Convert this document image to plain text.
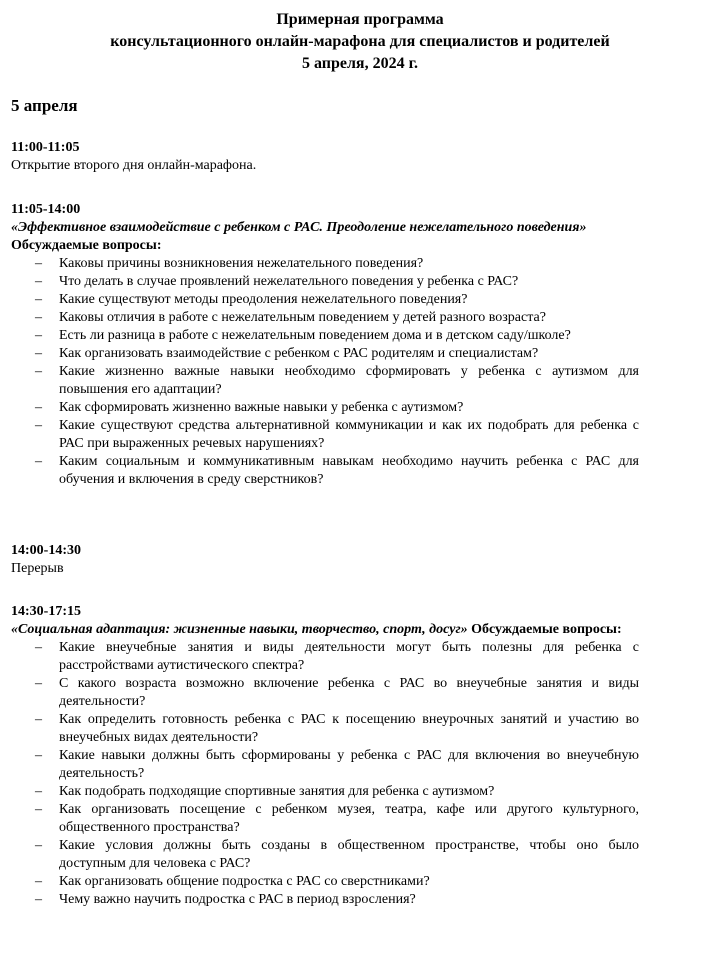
Примерная программа
консультационного онлайн-марафона для специалистов и родителей
5 апреля, 2024 г.
5 апреля
11:00-11:05
Открытие второго дня онлайн-марафона.
11:05-14:00
«Эффективное взаимодействие с ребенком с РАС. Преодоление нежелательного поведения»
Обсуждаемые вопросы:
– Каковы причины возникновения нежелательного поведения?
– Что делать в случае проявлений нежелательного поведения у ребенка с РАС?
– Какие существуют методы преодоления нежелательного поведения?
– Каковы отличия в работе с нежелательным поведением у детей разного возраста?
– Есть ли разница в работе с нежелательным поведением дома и в детском саду/школе?
– Как организовать взаимодействие с ребенком с РАС родителям и специалистам?
– Какие жизненно важные навыки необходимо сформировать у ребенка с аутизмом для повышения его адаптации?
– Как сформировать жизненно важные навыки у ребенка с аутизмом?
– Какие существуют средства альтернативной коммуникации и как их подобрать для ребенка с РАС при выраженных речевых нарушениях?
– Каким социальным и коммуникативным навыкам необходимо научить ребенка с РАС для обучения и включения в среду сверстников?
14:00-14:30
Перерыв
14:30-17:15
«Социальная адаптация: жизненные навыки, творчество, спорт, досуг» Обсуждаемые вопросы:
– Какие внеучебные занятия и виды деятельности могут быть полезны для ребенка с расстройствами аутистического спектра?
– С какого возраста возможно включение ребенка с РАС во внеучебные занятия и виды деятельности?
– Как определить готовность ребенка с РАС к посещению внеурочных занятий и участию во внеучебных видах деятельности?
– Какие навыки должны быть сформированы у ребенка с РАС для включения во внеучебную деятельность?
– Как подобрать подходящие спортивные занятия для ребенка с аутизмом?
– Как организовать посещение с ребенком музея, театра, кафе или другого культурного, общественного пространства?
– Какие условия должны быть созданы в общественном пространстве, чтобы оно было доступным для человека с РАС?
– Как организовать общение подростка с РАС со сверстниками?
– Чему важно научить подростка с РАС в период взросления?
